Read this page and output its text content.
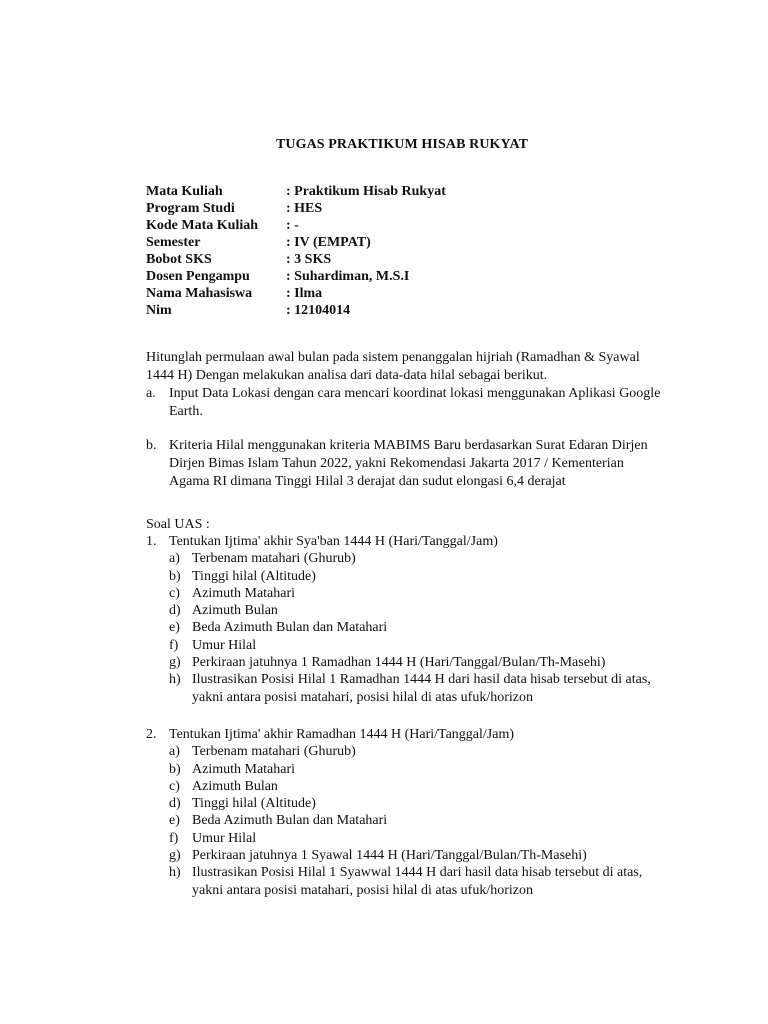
TUGAS PRAKTIKUM HISAB RUKYAT
Mata Kuliah	: Praktikum Hisab Rukyat
Program Studi	: HES
Kode Mata Kuliah	: -
Semester	: IV (EMPAT)
Bobot SKS	: 3 SKS
Dosen Pengampu	: Suhardiman, M.S.I
Nama Mahasiswa	: Ilma
Nim	: 12104014
Hitunglah permulaan awal bulan pada sistem penanggalan hijriah (Ramadhan & Syawal 1444 H) Dengan melakukan analisa dari data-data hilal sebagai berikut.
a. Input Data Lokasi dengan cara mencari koordinat lokasi menggunakan Aplikasi Google Earth.
b. Kriteria Hilal menggunakan kriteria MABIMS Baru berdasarkan Surat Edaran Dirjen Dirjen Bimas Islam Tahun 2022, yakni Rekomendasi Jakarta 2017 / Kementerian Agama RI dimana Tinggi Hilal 3 derajat dan sudut elongasi 6,4 derajat
Soal UAS :
1. Tentukan Ijtima' akhir Sya'ban 1444 H (Hari/Tanggal/Jam)
a) Terbenam matahari (Ghurub)
b) Tinggi hilal (Altitude)
c) Azimuth Matahari
d) Azimuth Bulan
e) Beda Azimuth Bulan dan Matahari
f) Umur Hilal
g) Perkiraan jatuhnya 1 Ramadhan 1444 H (Hari/Tanggal/Bulan/Th-Masehi)
h) Ilustrasikan Posisi Hilal 1 Ramadhan 1444 H dari hasil data hisab tersebut di atas, yakni antara posisi matahari, posisi hilal di atas ufuk/horizon
2. Tentukan Ijtima' akhir Ramadhan 1444 H (Hari/Tanggal/Jam)
a) Terbenam matahari (Ghurub)
b) Azimuth Matahari
c) Azimuth Bulan
d) Tinggi hilal (Altitude)
e) Beda Azimuth Bulan dan Matahari
f) Umur Hilal
g) Perkiraan jatuhnya 1 Syawal 1444 H (Hari/Tanggal/Bulan/Th-Masehi)
h) Ilustrasikan Posisi Hilal 1 Syawwal 1444 H dari hasil data hisab tersebut di atas, yakni antara posisi matahari, posisi hilal di atas ufuk/horizon
